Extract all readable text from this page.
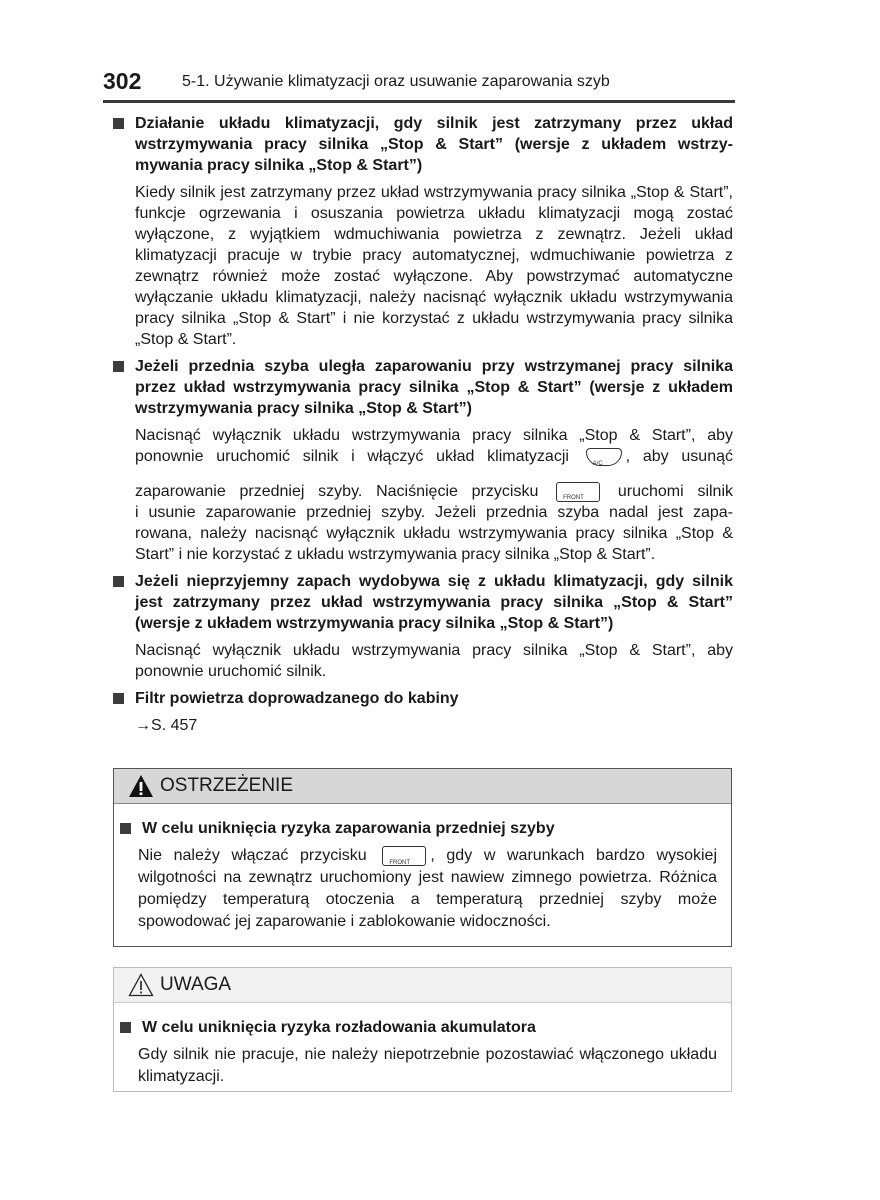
302	5-1. Używanie klimatyzacji oraz usuwanie zaparowania szyb
Działanie układu klimatyzacji, gdy silnik jest zatrzymany przez układ wstrzymywania pracy silnika „Stop & Start” (wersje z układem wstrzy- mywania pracy silnika „Stop & Start”)
Kiedy silnik jest zatrzymany przez układ wstrzymywania pracy silnika „Stop & Start”, funkcje ogrzewania i osuszania powietrza układu klimatyzacji mogą zostać wyłączone, z wyjątkiem wdmuchiwania powietrza z zewnątrz. Jeżeli układ klimatyzacji pracuje w trybie pracy automatycznej, wdmuchiwanie powietrza z zewnątrz również może zostać wyłączone. Aby powstrzymać automatyczne wyłączanie układu klimatyzacji, należy nacisnąć wyłącznik układu wstrzymywania pracy silnika „Stop & Start” i nie korzystać z układu wstrzymywania pracy silnika „Stop & Start”.
Jeżeli przednia szyba uległa zaparowaniu przy wstrzymanej pracy silnika przez układ wstrzymywania pracy silnika „Stop & Start” (wersje z układem wstrzymywania pracy silnika „Stop & Start”)
Nacisnąć wyłącznik układu wstrzymywania pracy silnika „Stop & Start”, aby
ponownie uruchomić silnik i włączyć układ klimatyzacji	A/C , aby usunąć
zaparowanie przedniej szyby. Naciśnięcie przycisku	FRONT uruchomi silnik
i usunie zaparowanie przedniej szyby. Jeżeli przednia szyba nadal jest zapa- rowana, należy nacisnąć wyłącznik układu wstrzymywania pracy silnika „Stop & Start” i nie korzystać z układu wstrzymywania pracy silnika „Stop & Start”.
Jeżeli nieprzyjemny zapach wydobywa się z układu klimatyzacji, gdy silnik jest zatrzymany przez układ wstrzymywania pracy silnika „Stop & Start” (wersje z układem wstrzymywania pracy silnika „Stop & Start”)
Nacisnąć wyłącznik układu wstrzymywania pracy silnika „Stop & Start”, aby ponownie uruchomić silnik.
Filtr powietrza doprowadzanego do kabiny
→S. 457
OSTRZEŻENIE
W celu uniknięcia ryzyka zaparowania przedniej szyby
Nie należy włączać przycisku	FRONT , gdy w warunkach bardzo wysokiej
wilgotności na zewnątrz uruchomiony jest nawiew zimnego powietrza. Różnica pomiędzy temperaturą otoczenia a temperaturą przedniej szyby może spowodować jej zaparowanie i zablokowanie widoczności.
UWAGA
W celu uniknięcia ryzyka rozładowania akumulatora
Gdy silnik nie pracuje, nie należy niepotrzebnie pozostawiać włączonego układu klimatyzacji.
